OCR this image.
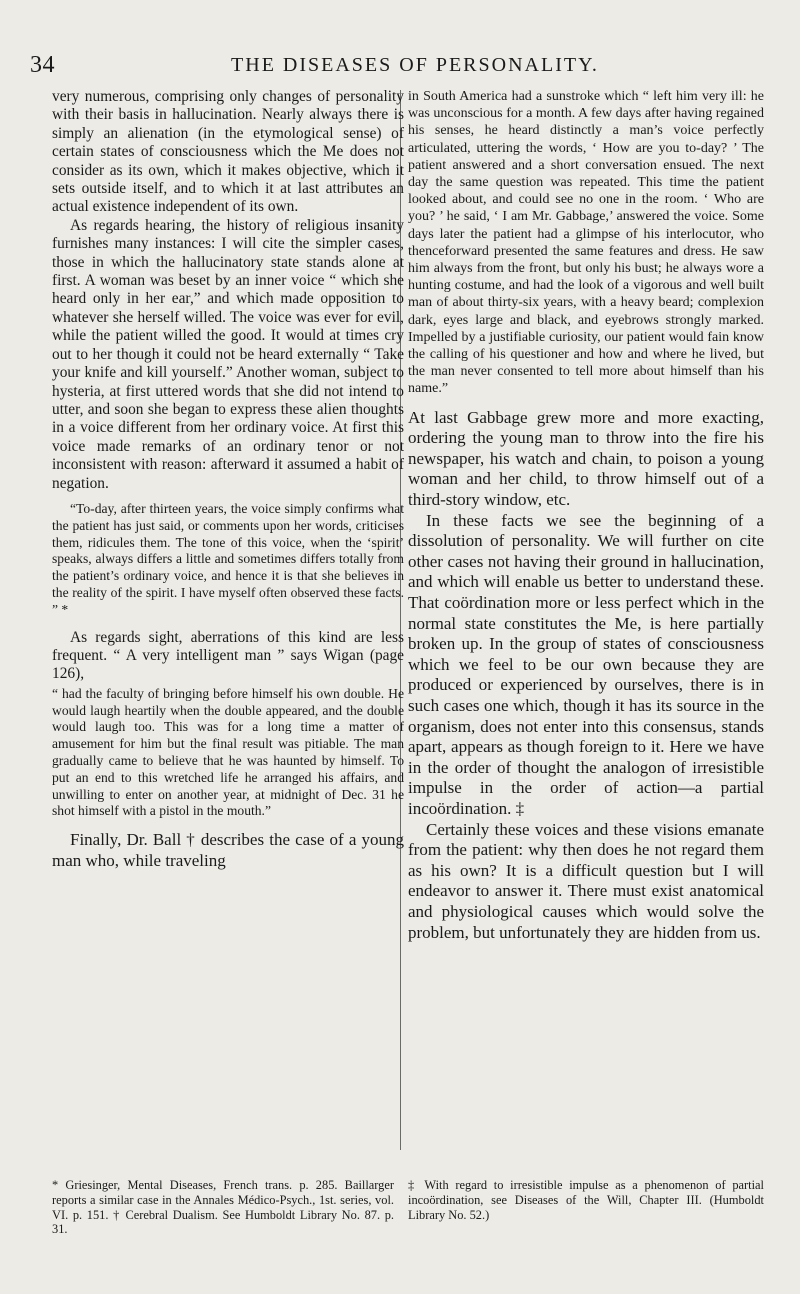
34	THE DISEASES OF PERSONALITY.

very numerous, comprising only changes of personality with their basis in hallucination. Nearly always there is simply an alienation (in the etymological sense) of certain states of consciousness which the Me does not consider as its own, which it makes objective, which it sets outside itself, and to which it at last attributes an actual existence independent of its own.

As regards hearing, the history of religious insanity furnishes many instances: I will cite the simpler cases, those in which the hallucinatory state stands alone at first. A woman was beset by an inner voice “ which she heard only in her ear,” and which made opposition to whatever she herself willed. The voice was ever for evil, while the patient willed the good. It would at times cry out to her though it could not be heard externally “ Take your knife and kill yourself.” Another woman, subject to hysteria, at first uttered words that she did not intend to utter, and soon she began to express these alien thoughts in a voice different from her ordinary voice. At first this voice made remarks of an ordinary tenor or not inconsistent with reason: afterward it assumed a habit of negation.

“To-day, after thirteen years, the voice simply confirms what the patient has just said, or comments upon her words, criticises them, ridicules them. The tone of this voice, when the ‘spirit’ speaks, always differs a little and sometimes differs totally from the patient’s ordinary voice, and hence it is that she believes in the reality of the spirit. I have myself often observed these facts. ” *

As regards sight, aberrations of this kind are less frequent. “ A very intelligent man ” says Wigan (page 126),

“ had the faculty of bringing before himself his own double. He would laugh heartily when the double appeared, and the double would laugh too. This was for a long time a matter of amusement for him but the final result was pitiable. The man gradually came to believe that he was haunted by himself. To put an end to this wretched life he arranged his affairs, and unwilling to enter on another year, at midnight of Dec. 31 he shot himself with a pistol in the mouth.”

Finally, Dr. Ball † describes the case of a young man who, while traveling

in South America had a sunstroke which “ left him very ill: he was unconscious for a month. A few days after having regained his senses, he heard distinctly a man’s voice perfectly articulated, uttering the words, ‘ How are you to-day? ’ The patient answered and a short conversation ensued. The next day the same question was repeated. This time the patient looked about, and could see no one in the room. ‘ Who are you? ’ he said, ‘ I am Mr. Gabbage,’ answered the voice. Some days later the patient had a glimpse of his interlocutor, who thenceforward presented the same features and dress. He saw him always from the front, but only his bust; he always wore a hunting costume, and had the look of a vigorous and well built man of about thirty-six years, with a heavy beard; complexion dark, eyes large and black, and eyebrows strongly marked. Impelled by a justifiable curiosity, our patient would fain know the calling of his questioner and how and where he lived, but the man never consented to tell more about himself than his name.”

At last Gabbage grew more and more exacting, ordering the young man to throw into the fire his newspaper, his watch and chain, to poison a young woman and her child, to throw himself out of a third-story window, etc.

In these facts we see the beginning of a dissolution of personality. We will further on cite other cases not having their ground in hallucination, and which will enable us better to understand these. That coördination more or less perfect which in the normal state constitutes the Me, is here partially broken up. In the group of states of consciousness which we feel to be our own because they are produced or experienced by ourselves, there is in such cases one which, though it has its source in the organism, does not enter into this consensus, stands apart, appears as though foreign to it. Here we have in the order of thought the analogon of irresistible impulse in the order of action—a partial incoördination. ‡

Certainly these voices and these visions emanate from the patient: why then does he not regard them as his own? It is a difficult question but I will endeavor to answer it. There must exist anatomical and physiological causes which would solve the problem, but unfortunately they are hidden from us.

* Griesinger, Mental Diseases, French trans. p. 285. Baillarger reports a similar case in the Annales Médico-Psych., 1st. series, vol. VI. p. 151. † Cerebral Dualism. See Humboldt Library No. 87. p. 31.

‡ With regard to irresistible impulse as a phenomenon of partial incoördination, see Diseases of the Will, Chapter III. (Humboldt Library No. 52.)
